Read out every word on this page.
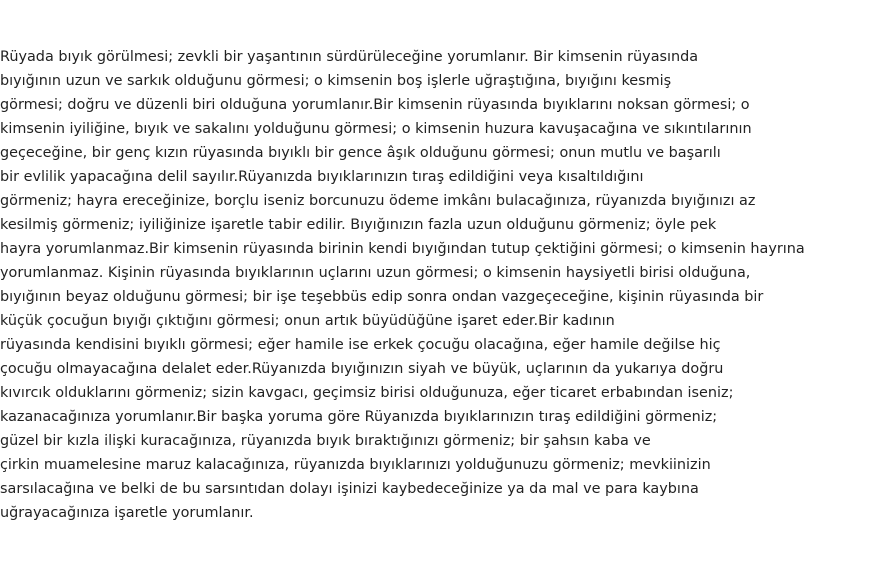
Rüyada bıyık görülmesi; zevkli bir yaşantının sürdürüleceğine yorumlanır. Bir kimsenin rüyasında
bıyığının uzun ve sarkık olduğunu görmesi; o kimsenin boş işlerle uğraştığına, bıyığını kesmiş
görmesi; doğru ve düzenli biri olduğuna yorumlanır.Bir kimsenin rüyasında bıyıklarını noksan görmesi; o
kimsenin iyiliğine, bıyık ve sakalını yolduğunu görmesi; o kimsenin huzura kavuşacağına ve sıkıntılarının
geçeceğine, bir genç kızın rüyasında bıyıklı bir gence âşık olduğunu görmesi; onun mutlu ve başarılı
bir evlilik yapacağına delil sayılır.Rüyanızda bıyıklarınızın tıraş edildiğini veya kısaltıldığını
görmeniz; hayra ereceğinize, borçlu iseniz borcunuzu ödeme imkânı bulacağınıza, rüyanızda bıyığınızı az
kesilmiş görmeniz; iyiliğinize işaretle tabir edilir. Bıyığınızın fazla uzun olduğunu görmeniz; öyle pek
hayra yorumlanmaz.Bir kimsenin rüyasında birinin kendi bıyığından tutup çektiğini görmesi; o kimsenin hayrına
yorumlanmaz. Kişinin rüyasında bıyıklarının uçlarını uzun görmesi; o kimsenin haysiyetli birisi olduğuna,
bıyığının beyaz olduğunu görmesi; bir işe teşebbüs edip sonra ondan vazgeçeceğine, kişinin rüyasında bir
küçük çocuğun bıyığı çıktığını görmesi; onun artık büyüdüğüne işaret eder.Bir kadının
rüyasında kendisini bıyıklı görmesi; eğer hamile ise erkek çocuğu olacağına, eğer hamile değilse hiç
çocuğu olmayacağına delalet eder.Rüyanızda bıyığınızın siyah ve büyük, uçlarının da yukarıya doğru
kıvırcık olduklarını görmeniz; sizin kavgacı, geçimsiz birisi olduğunuza, eğer ticaret erbabından iseniz;
kazanacağınıza yorumlanır.Bir başka yoruma göre Rüyanızda bıyıklarınızın tıraş edildiğini görmeniz;
güzel bir kızla ilişki kuracağınıza, rüyanızda bıyık bıraktığınızı görmeniz; bir şahsın kaba ve
çirkin muamelesine maruz kalacağınıza, rüyanızda bıyıklarınızı yolduğunuzu görmeniz; mevkiinizin
sarsılacağına ve belki de bu sarsıntıdan dolayı işinizi kaybedeceğinize ya da mal ve para kaybına
uğrayacağınıza işaretle yorumlanır.
